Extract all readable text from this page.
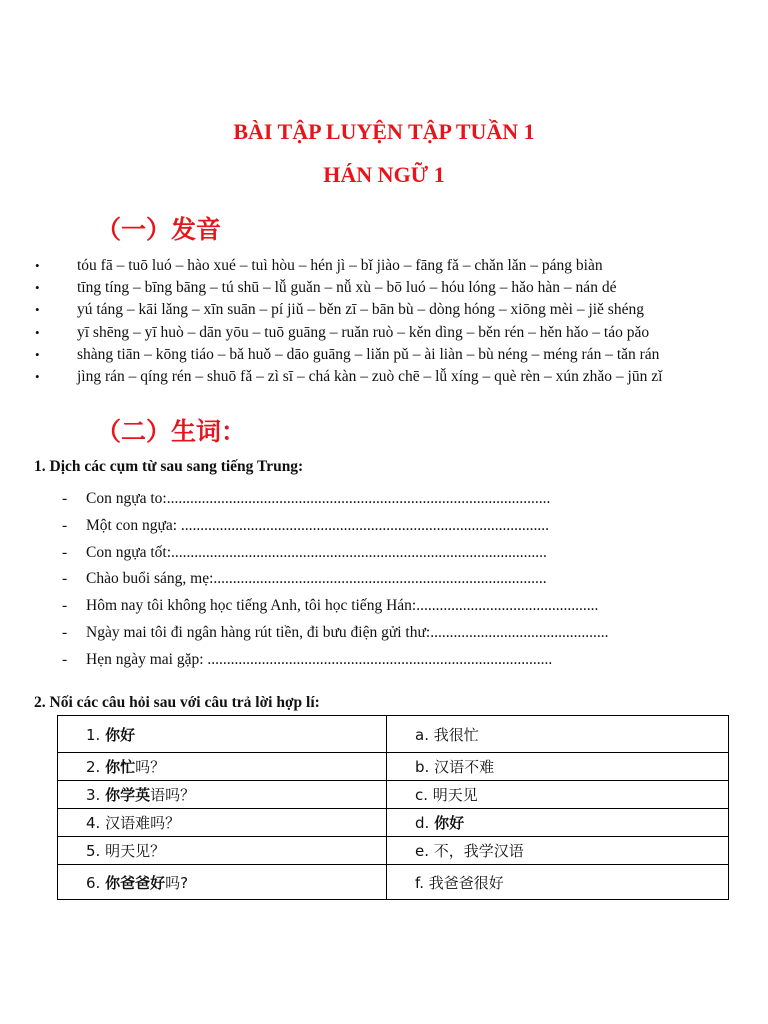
BÀI TẬP LUYỆN TẬP TUẦN 1
HÁN NGỮ 1
（一）发音
• tóu fā – tuō luó – hào xué – tuì hòu – hén jì – bǐ jiào – fāng fǎ – chǎn lǎn – páng biàn
• tīng tíng – bīng bāng – tú shū – lǚ guǎn – nǚ xù – bō luó – hóu lóng – hǎo hàn – nán dé
• yú táng – kāi lǎng – xīn suān – pí jiǔ – běn zī – bān bù – dòng hóng – xiōng mèi – jiě shéng
• yī shēng – yī huò – dān yōu – tuō guāng – ruǎn ruò – kěn dìng – běn rén – hěn hǎo – táo pǎo
• shàng tiān – kōng tiáo – bǎ huǒ – dāo guāng – liǎn pǔ – ài liàn – bù néng – méng rán – tǎn rán
• jìng rán – qíng rén – shuō fǎ – zì sī – chá kàn – zuò chē – lǚ xíng – què rèn – xún zhǎo – jūn zǐ
（二）生词：
1. Dịch các cụm từ sau sang tiếng Trung:
- Con ngựa to:...................................................................................................
- Một con ngựa: ...............................................................................................
- Con ngựa tốt:.................................................................................................
- Chào buổi sáng, mẹ:......................................................................................
- Hôm nay tôi không học tiếng Anh, tôi học tiếng Hán:...............................................
- Ngày mai tôi đi ngân hàng rút tiền, đi bưu điện gửi thư:..............................................
- Hẹn ngày mai gặp: .........................................................................................
2. Nối các câu hỏi sau với câu trả lời hợp lí:
1. 你好	a. 我很忙
2. 你忙吗？	b. 汉语不难
3. 你学英语吗？	c. 明天见
4. 汉语难吗？	d. 你好
5. 明天见？	e. 不，我学汉语
6. 你爸爸好吗?	f. 我爸爸很好
